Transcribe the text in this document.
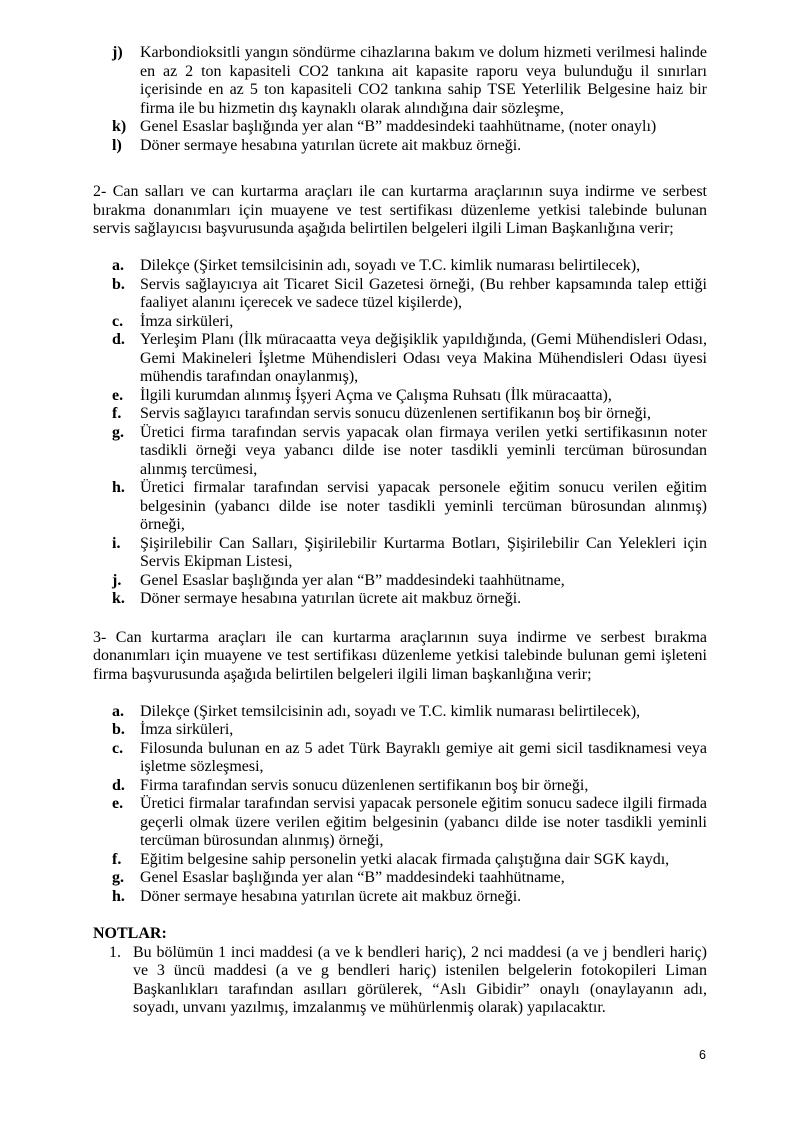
j) Karbondioksitli yangın söndürme cihazlarına bakım ve dolum hizmeti verilmesi halinde en az 2 ton kapasiteli CO2 tankına ait kapasite raporu veya bulunduğu il sınırları içerisinde en az 5 ton kapasiteli CO2 tankına sahip TSE Yeterlilik Belgesine haiz bir firma ile bu hizmetin dış kaynaklı olarak alındığına dair sözleşme,
k) Genel Esaslar başlığında yer alan “B” maddesindeki taahhütname, (noter onaylı)
l) Döner sermaye hesabına yatırılan ücrete ait makbuz örneği.

2- Can salları ve can kurtarma araçları ile can kurtarma araçlarının suya indirme ve serbest bırakma donanımları için muayene ve test sertifikası düzenleme yetkisi talebinde bulunan servis sağlayıcısı başvurusunda aşağıda belirtilen belgeleri ilgili Liman Başkanlığına verir;

a. Dilekçe (Şirket temsilcisinin adı, soyadı ve T.C. kimlik numarası belirtilecek),
b. Servis sağlayıcıya ait Ticaret Sicil Gazetesi örneği, (Bu rehber kapsamında talep ettiği faaliyet alanını içerecek ve sadece tüzel kişilerde),
c. İmza sirküleri,
d. Yerleşim Planı (İlk müracaatta veya değişiklik yapıldığında, (Gemi Mühendisleri Odası, Gemi Makineleri İşletme Mühendisleri Odası veya Makina Mühendisleri Odası üyesi mühendis tarafından onaylanmış),
e. İlgili kurumdan alınmış İşyeri Açma ve Çalışma Ruhsatı (İlk müracaatta),
f. Servis sağlayıcı tarafından servis sonucu düzenlenen sertifikanın boş bir örneği,
g. Üretici firma tarafından servis yapacak olan firmaya verilen yetki sertifikasının noter tasdikli örneği veya yabancı dilde ise noter tasdikli yeminli tercüman bürosundan alınmış tercümesi,
h. Üretici firmalar tarafından servisi yapacak personele eğitim sonucu verilen eğitim belgesinin (yabancı dilde ise noter tasdikli yeminli tercüman bürosundan alınmış) örneği,
i. Şişirilebilir Can Salları, Şişirilebilir Kurtarma Botları, Şişirilebilir Can Yelekleri için Servis Ekipman Listesi,
j. Genel Esaslar başlığında yer alan “B” maddesindeki taahhütname,
k. Döner sermaye hesabına yatırılan ücrete ait makbuz örneği.

3- Can kurtarma araçları ile can kurtarma araçlarının suya indirme ve serbest bırakma donanımları için muayene ve test sertifikası düzenleme yetkisi talebinde bulunan gemi işleteni firma başvurusunda aşağıda belirtilen belgeleri ilgili liman başkanlığına verir;

a. Dilekçe (Şirket temsilcisinin adı, soyadı ve T.C. kimlik numarası belirtilecek),
b. İmza sirküleri,
c. Filosunda bulunan en az 5 adet Türk Bayraklı gemiye ait gemi sicil tasdiknamesi veya işletme sözleşmesi,
d. Firma tarafından servis sonucu düzenlenen sertifikanın boş bir örneği,
e. Üretici firmalar tarafından servisi yapacak personele eğitim sonucu sadece ilgili firmada geçerli olmak üzere verilen eğitim belgesinin (yabancı dilde ise noter tasdikli yeminli tercüman bürosundan alınmış) örneği,
f. Eğitim belgesine sahip personelin yetki alacak firmada çalıştığına dair SGK kaydı,
g. Genel Esaslar başlığında yer alan “B” maddesindeki taahhütname,
h. Döner sermaye hesabına yatırılan ücrete ait makbuz örneği.
NOTLAR:
1. Bu bölümün 1 inci maddesi (a ve k bendleri hariç), 2 nci maddesi (a ve j bendleri hariç) ve 3 üncü maddesi (a ve g bendleri hariç) istenilen belgelerin fotokopileri Liman Başkanlıkları tarafından asılları görülerek, “Aslı Gibidir” onaylı (onaylayanın adı, soyadı, unvanı yazılmış, imzalanmış ve mühürlenmiş olarak) yapılacaktır.
6
